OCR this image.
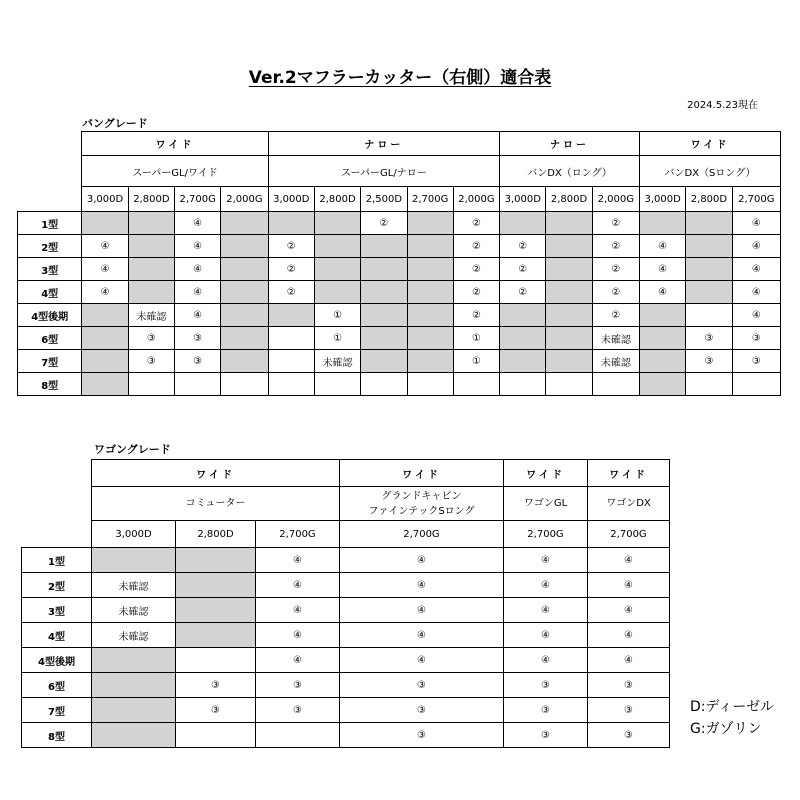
Ver.2マフラーカッター（右側）適合表
2024.5.23現在
バングレード
	ワイド				ナロー					ナロー			ワイド		
	スーパーGL/ワイド				スーパーGL/ナロー					バンDX（ロング）			バンDX（Sロング）		
	3,000D	2,800D	2,700G	2,000G	3,000D	2,800D	2,500D	2,700G	2,000G	3,000D	2,800D	2,000G	3,000D	2,800D	2,700G
1型			④				②		②			②			④
2型	④		④		②				②	②		②	④		④
3型	④		④		②				②	②		②	④		④
4型	④		④		②				②	②		②	④		④
4型後期		未確認	④			①			②			②			④
6型		③	③			①			①			未確認		③	③
7型		③	③			未確認			①			未確認		③	③
8型															
ワゴングレード
	ワイド			ワイド	ワイド	ワイド

	コミューター			グランドキャビン
ファインテックSロング	ワゴンGL	ワゴンDX

	3,000D	2,800D	2,700G	2,700G	2,700G	2,700G
1型			④	④	④	④
2型	未確認		④	④	④	④
3型	未確認		④	④	④	④
4型	未確認		④	④	④	④
4型後期			④	④	④	④
6型		③	③	③	③	③
7型		③	③	③	③	③
8型				③	③	③
D:ディーゼル
G:ガゾリン
